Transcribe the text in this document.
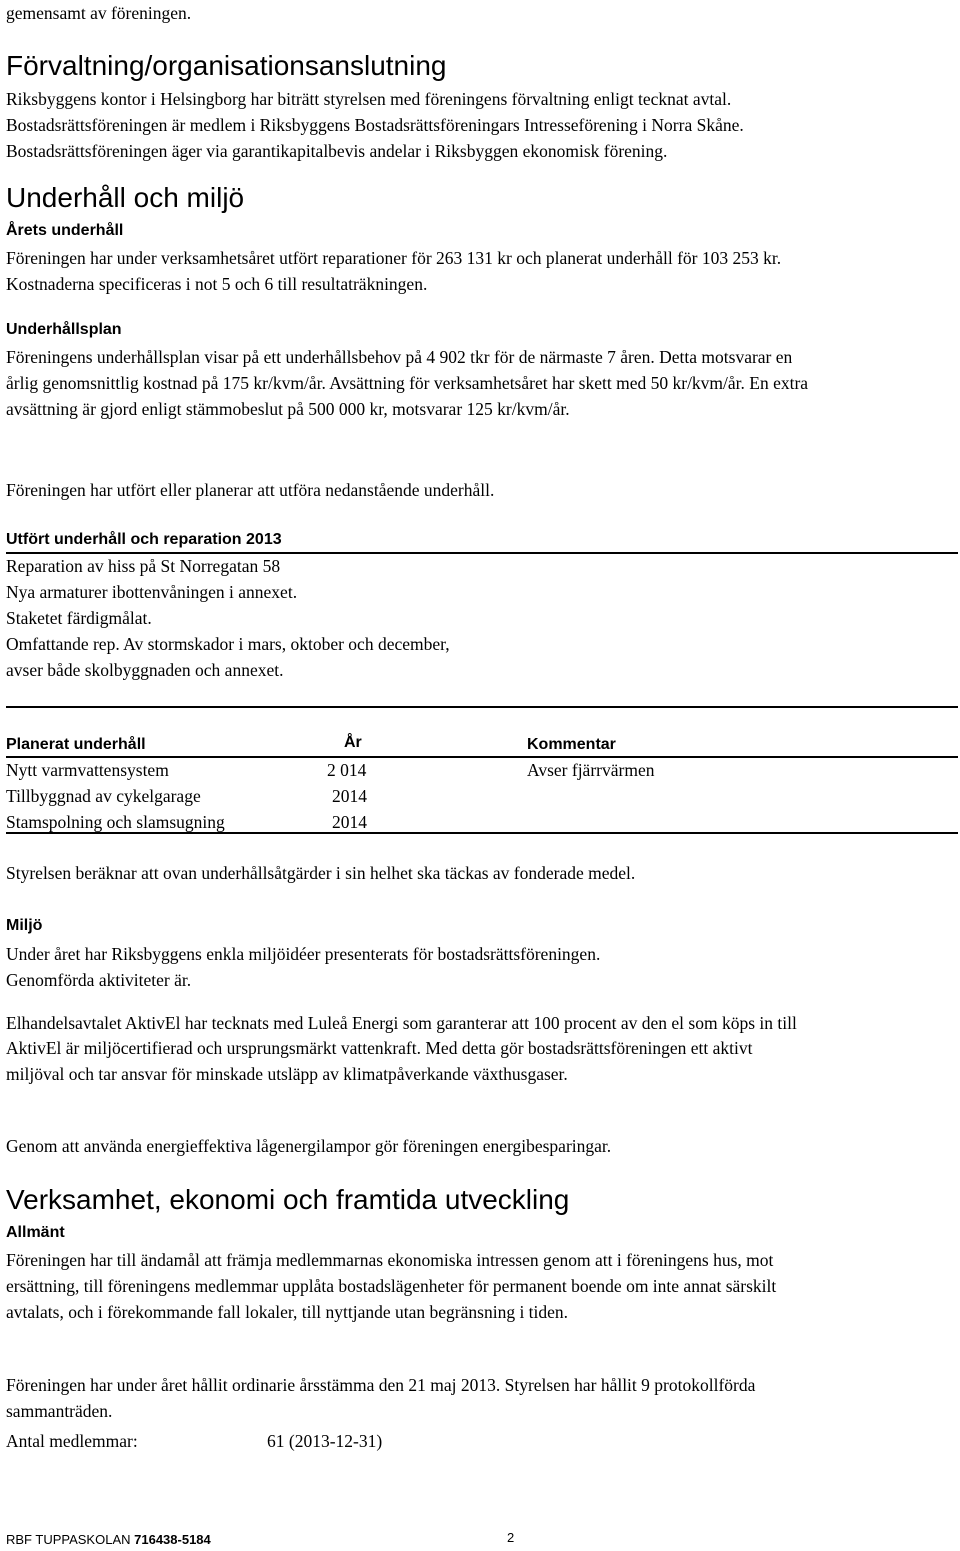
gemensamt av föreningen.
Förvaltning/organisationsanslutning
Riksbyggens kontor i Helsingborg har biträtt styrelsen med föreningens förvaltning enligt tecknat avtal.
Bostadsrättsföreningen är medlem i Riksbyggens Bostadsrättsföreningars Intresseförening i Norra Skåne.
Bostadsrättsföreningen äger via garantikapitalbevis andelar i Riksbyggen ekonomisk förening.
Underhåll och miljö
Årets underhåll
Föreningen har under verksamhetsåret utfört reparationer för 263 131 kr och planerat underhåll för 103 253 kr.
Kostnaderna specificeras i not 5 och 6 till resultaträkningen.
Underhållsplan
Föreningens underhållsplan visar på ett underhållsbehov på 4 902 tkr för de närmaste 7 åren. Detta motsvarar en
årlig genomsnittlig kostnad på 175 kr/kvm/år. Avsättning för verksamhetsåret har skett med 50 kr/kvm/år. En extra
avsättning är gjord enligt stämmobeslut på 500 000 kr, motsvarar 125 kr/kvm/år.
Föreningen har utfört eller planerar att utföra nedanstående underhåll.
Utfört underhåll och reparation 2013
Reparation av hiss på St Norregatan 58
Nya armaturer ibottenvåningen i annexet.
Staketet färdigmålat.
Omfattande rep. Av stormskador i mars, oktober och december,
avser både skolbyggnaden och annexet.
Planerat underhåll	År	Kommentar
Nytt varmvattensystem	2 014	Avser fjärrvärmen
Tillbyggnad av cykelgarage	2014
Stamspolning och slamsugning	2014
Styrelsen beräknar att ovan underhållsåtgärder i sin helhet ska täckas av fonderade medel.
Miljö
Under året har Riksbyggens enkla miljöidéer presenterats för bostadsrättsföreningen.
Genomförda aktiviteter är.
Elhandelsavtalet AktivEl har tecknats med Luleå Energi som garanterar att 100 procent av den el som köps in till
AktivEl är miljöcertifierad och ursprungsmärkt vattenkraft. Med detta gör bostadsrättsföreningen ett aktivt
miljöval och tar ansvar för minskade utsläpp av klimatpåverkande växthusgaser.
Genom att använda energieffektiva lågenergilampor gör föreningen energibesparingar.
Verksamhet, ekonomi och framtida utveckling
Allmänt
Föreningen har till ändamål att främja medlemmarnas ekonomiska intressen genom att i föreningens hus, mot
ersättning, till föreningens medlemmar upplåta bostadslägenheter för permanent boende om inte annat särskilt
avtalats, och i förekommande fall lokaler, till nyttjande utan begränsning i tiden.
Föreningen har under året hållit ordinarie årsstämma den 21 maj 2013. Styrelsen har hållit 9 protokollförda
sammanträden.
Antal medlemmar:	61 (2013-12-31)
RBF TUPPASKOLAN 716438-5184	2
